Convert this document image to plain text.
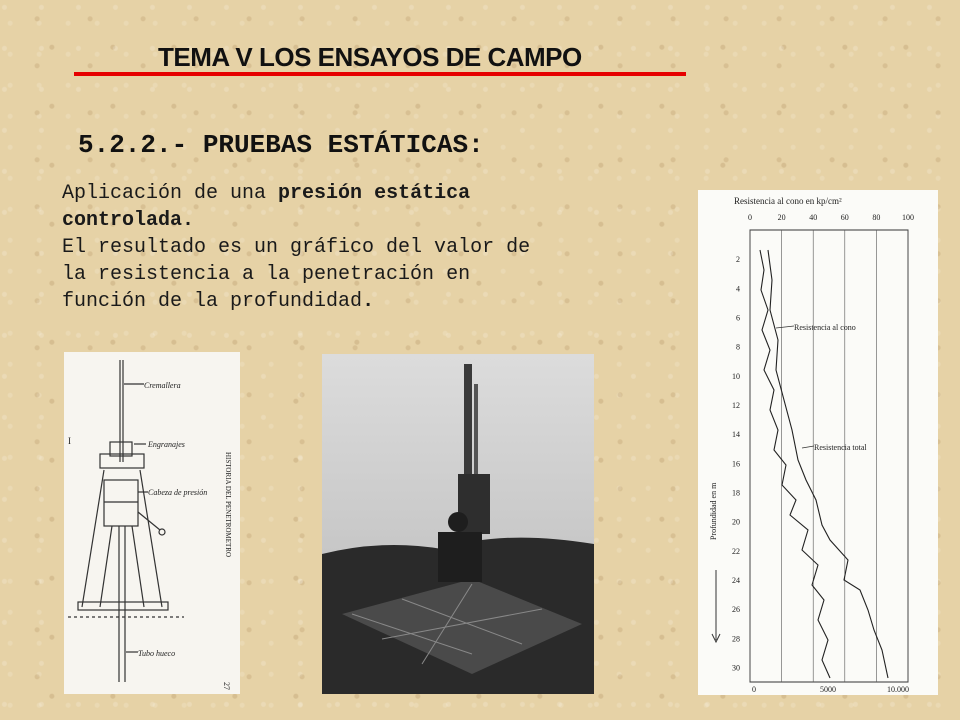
TEMA V LOS ENSAYOS DE CAMPO
5.2.2.- PRUEBAS ESTÁTICAS:
Aplicación de una presión estática
controlada.
El resultado es un gráfico del valor de
la resistencia a la penetración en
función de la profundidad.
Cremallera
Engranajes
Cabeza de presión
Tubo hueco
I
HISTORIA DEL PENETROMETRO
27
Resistencia al cono en kp/cm²
0	20	40	60	80	100
2
4
6
8
10
12
14
16
18
20
22
24
26
28
30
Profundidad en m
Resistencia al cono
Resistencia total
0	5000	10.000
